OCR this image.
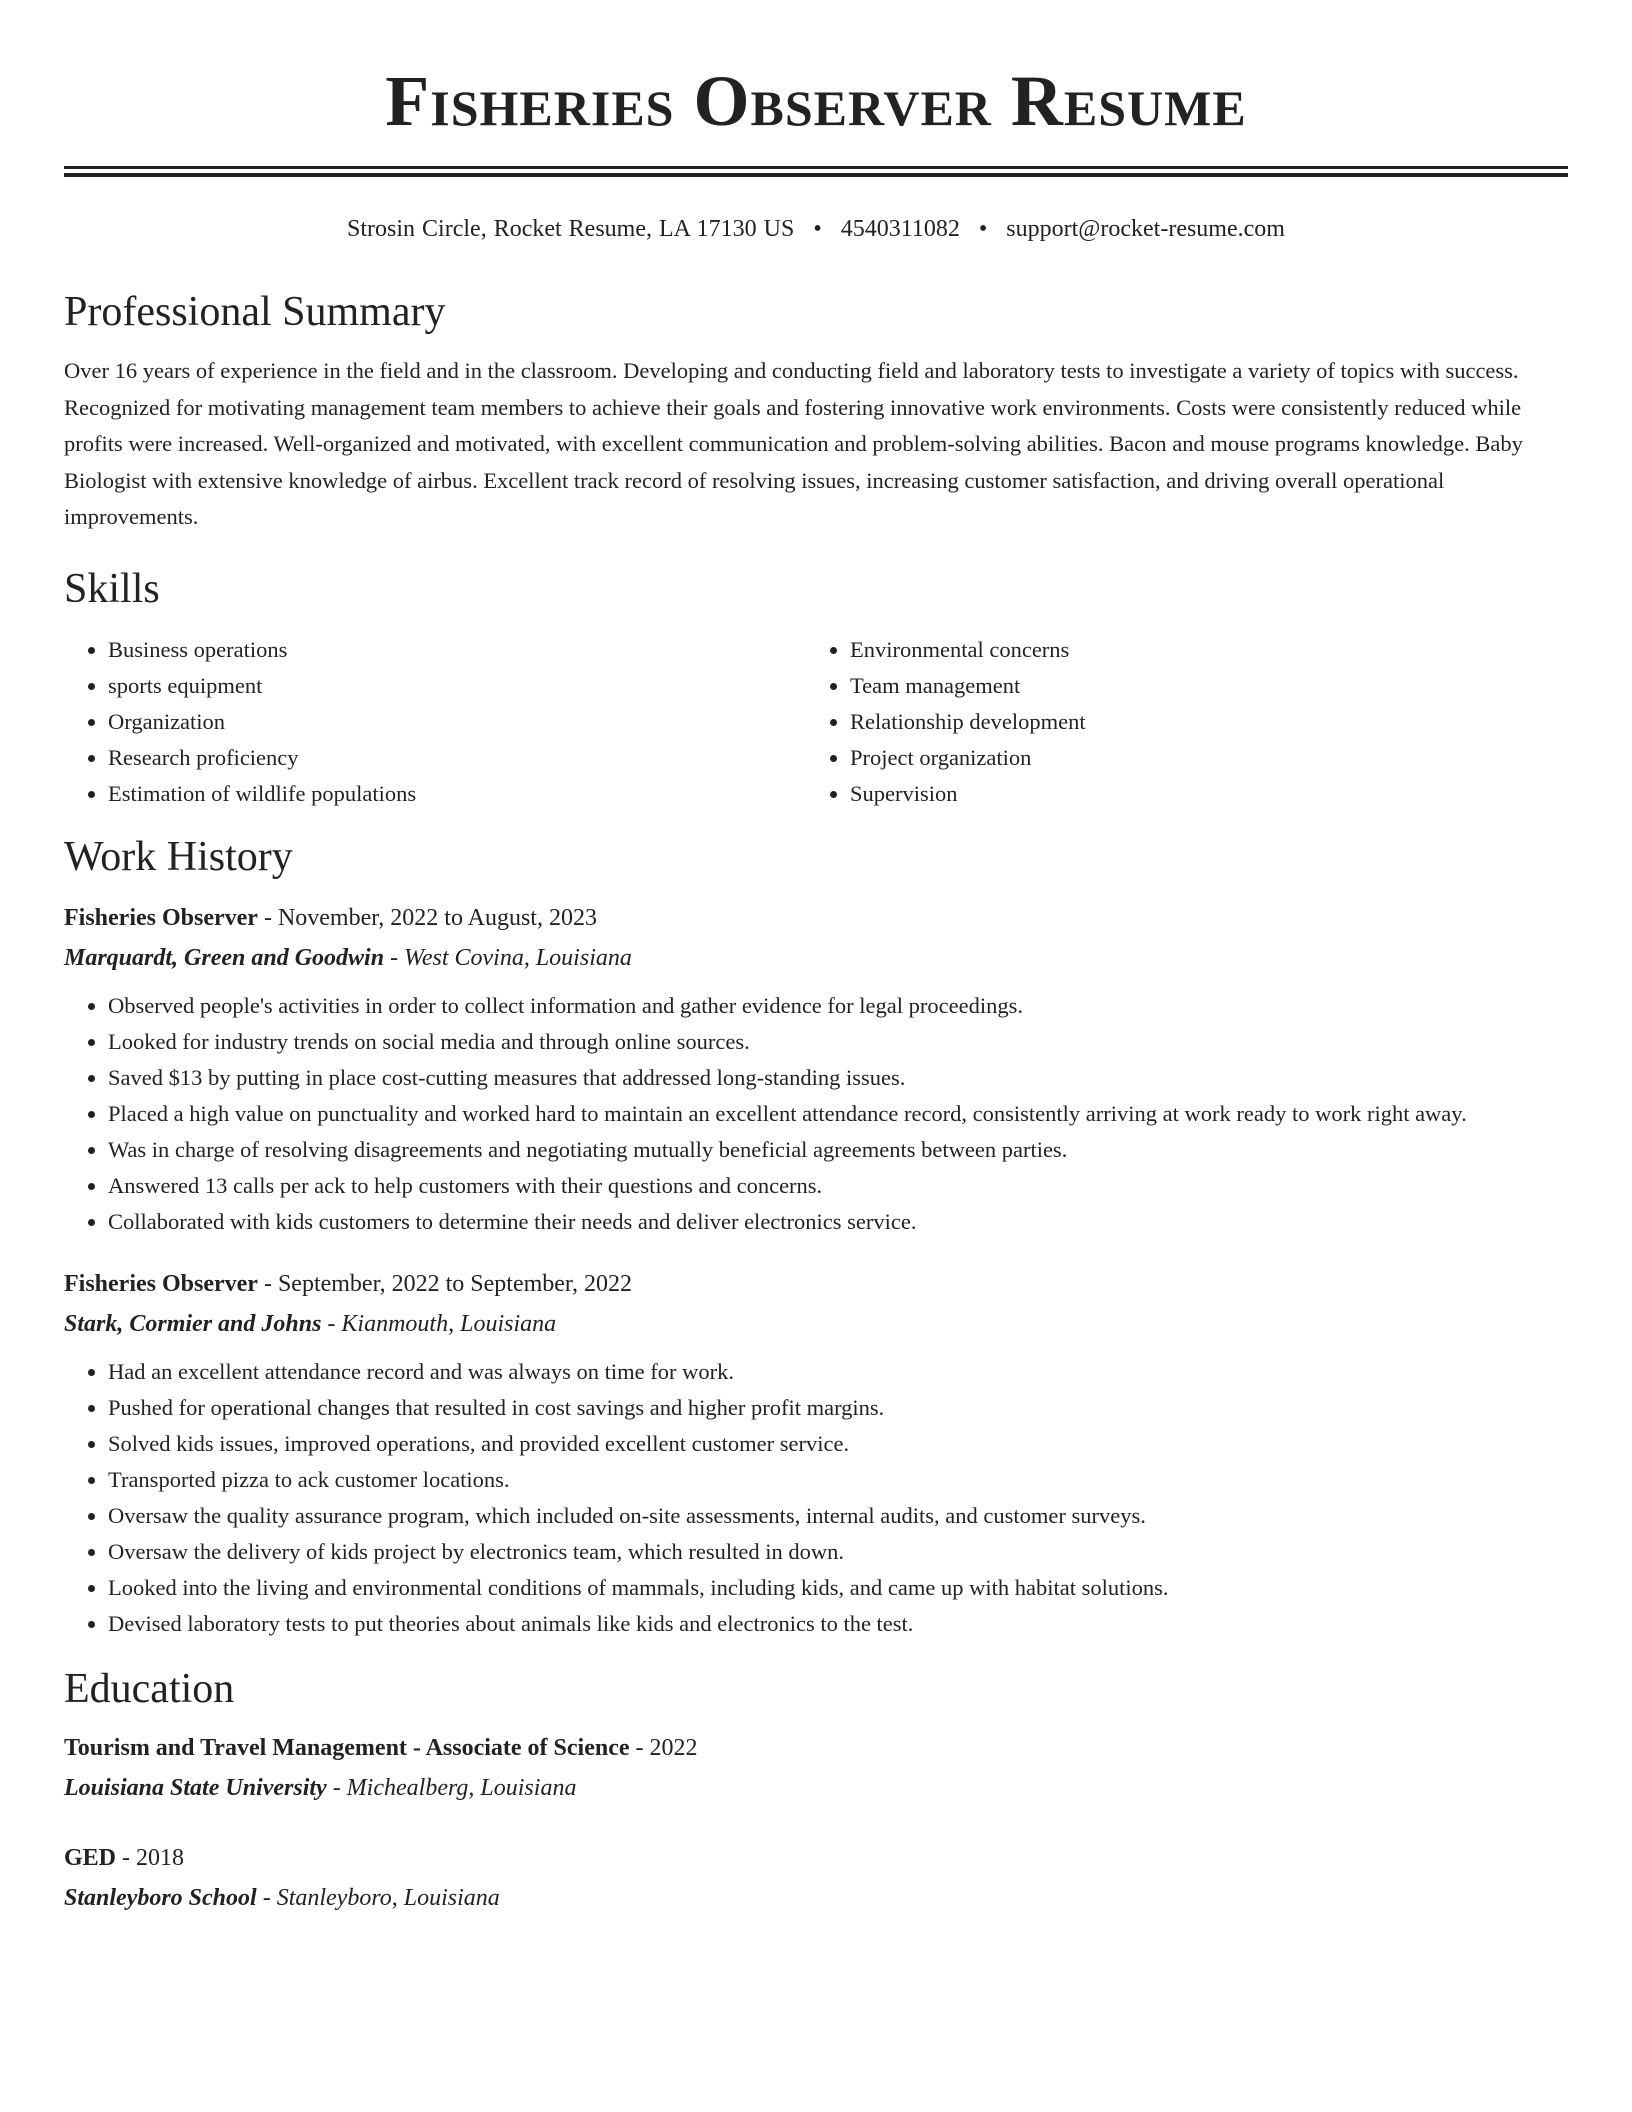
Fisheries Observer Resume
Strosin Circle, Rocket Resume, LA 17130 US • 4540311082 • support@rocket-resume.com
Professional Summary

Over 16 years of experience in the field and in the classroom. Developing and conducting field and laboratory tests to investigate a variety of topics with success. Recognized for motivating management team members to achieve their goals and fostering innovative work environments. Costs were consistently reduced while profits were increased. Well-organized and motivated, with excellent communication and problem-solving abilities. Bacon and mouse programs knowledge. Baby Biologist with extensive knowledge of airbus. Excellent track record of resolving issues, increasing customer satisfaction, and driving overall operational improvements.

Skills
• Business operations
• sports equipment
• Organization
• Research proficiency
• Estimation of wildlife populations
• Environmental concerns
• Team management
• Relationship development
• Project organization
• Supervision
Work History
Fisheries Observer - November, 2022 to August, 2023
Marquardt, Green and Goodwin - West Covina, Louisiana
• Observed people's activities in order to collect information and gather evidence for legal proceedings.
• Looked for industry trends on social media and through online sources.
• Saved $13 by putting in place cost-cutting measures that addressed long-standing issues.
• Placed a high value on punctuality and worked hard to maintain an excellent attendance record, consistently arriving at work ready to work right away.
• Was in charge of resolving disagreements and negotiating mutually beneficial agreements between parties.
• Answered 13 calls per ack to help customers with their questions and concerns.
• Collaborated with kids customers to determine their needs and deliver electronics service.
Fisheries Observer - September, 2022 to September, 2022
Stark, Cormier and Johns - Kianmouth, Louisiana
• Had an excellent attendance record and was always on time for work.
• Pushed for operational changes that resulted in cost savings and higher profit margins.
• Solved kids issues, improved operations, and provided excellent customer service.
• Transported pizza to ack customer locations.
• Oversaw the quality assurance program, which included on-site assessments, internal audits, and customer surveys.
• Oversaw the delivery of kids project by electronics team, which resulted in down.
• Looked into the living and environmental conditions of mammals, including kids, and came up with habitat solutions.
• Devised laboratory tests to put theories about animals like kids and electronics to the test.
Education
Tourism and Travel Management - Associate of Science - 2022
Louisiana State University - Michealberg, Louisiana
GED - 2018
Stanleyboro School - Stanleyboro, Louisiana
